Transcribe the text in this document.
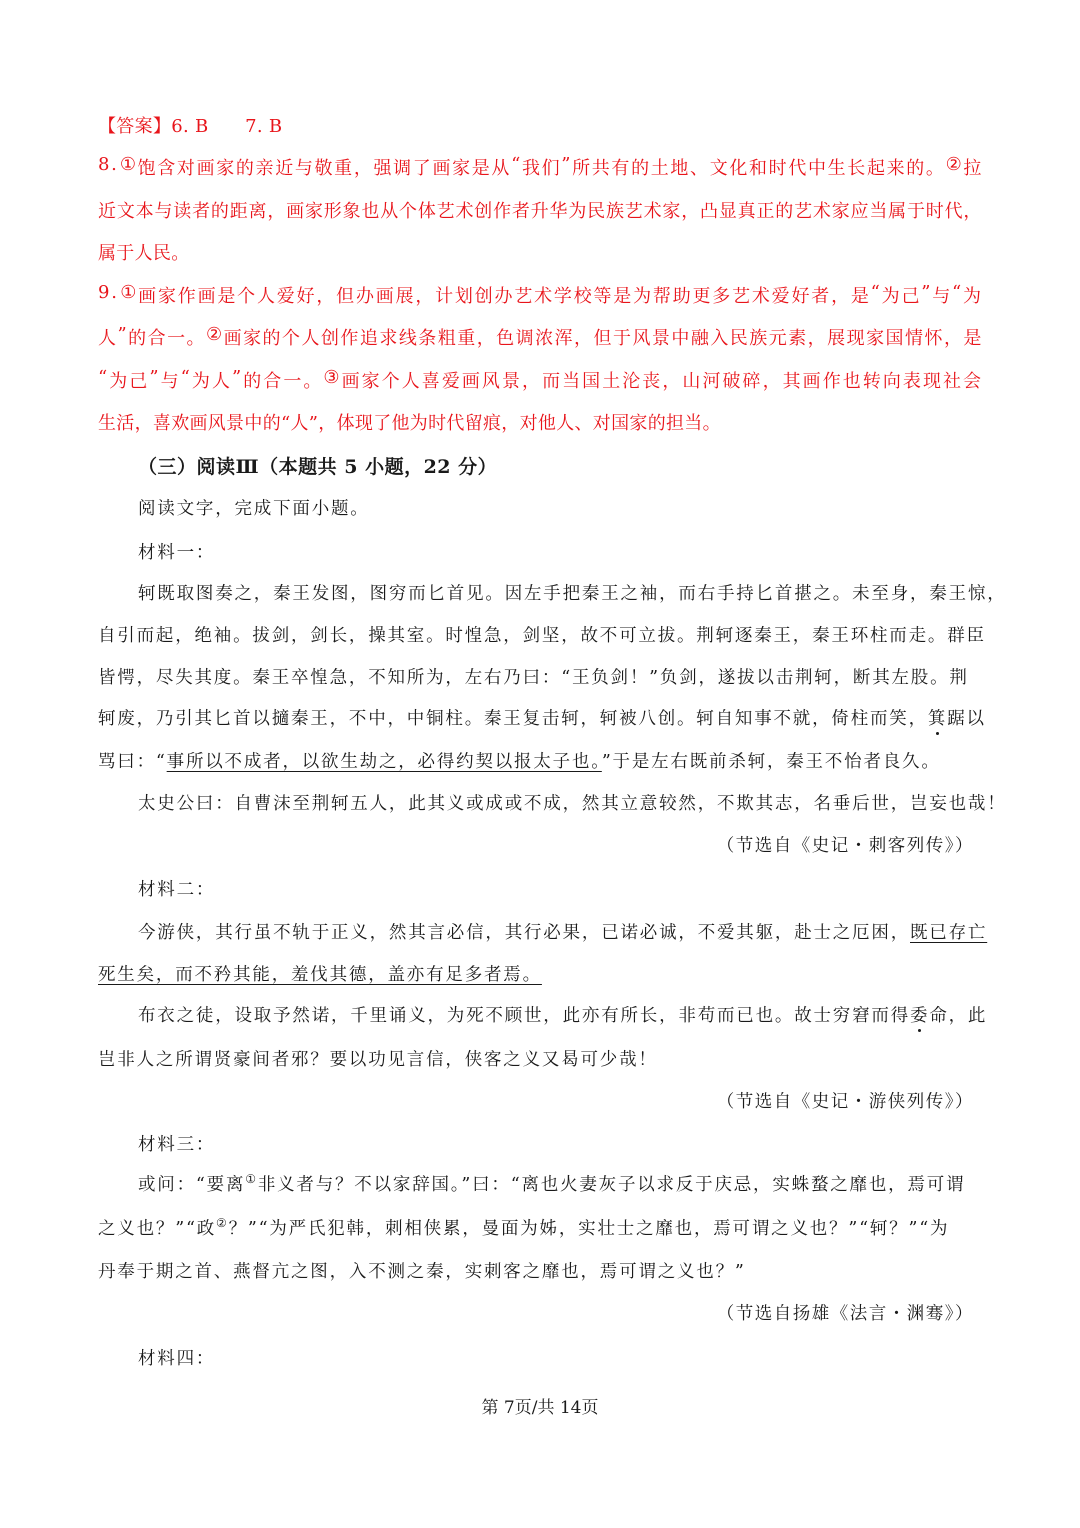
【答案】6. B　　7. B
8 . ① 饱 含 对 画 家 的 亲 近 与 敬 重 ， 强 调 了 画 家 是 从 “ 我 们 ” 所 共 有 的 土 地 、 文 化 和 时 代 中 生 长 起 来 的 。 ② 拉
近 文 本 与 读 者 的 距 离 ， 画 家 形 象 也 从 个 体 艺 术 创 作 者 升 华 为 民 族 艺 术 家 ， 凸 显 真 正 的 艺 术 家 应 当 属 于 时 代 ，
属于人民。
9 . ① 画 家 作 画 是 个 人 爱 好 ， 但 办 画 展 ， 计 划 创 办 艺 术 学 校 等 是 为 帮 助 更 多 艺 术 爱 好 者 ， 是 “ 为 己 ” 与 “ 为
人 ” 的 合 一 。 ② 画 家 的 个 人 创 作 追 求 线 条 粗 重 ， 色 调 浓 浑 ， 但 于 风 景 中 融 入 民 族 元 素 ， 展 现 家 国 情 怀 ， 是
“ 为 己 ” 与 “ 为 人 ” 的 合 一 。 ③ 画 家 个 人 喜 爱 画 风 景 ， 而 当 国 土 沦 丧 ， 山 河 破 碎 ， 其 画 作 也 转 向 表 现 社 会
生活，喜欢画风景中的“人”，体现了他为时代留痕，对他人、对国家的担当。
（三）阅读Ⅲ（本题共 5 小题，22 分）
阅读文字，完成下面小题。
材料一：
轲既取图奏之，秦王发图，图穷而匕首见。因左手把秦王之袖，而右手持匕首揕之。未至身，秦王惊，
自引而起，绝袖。拔剑，剑长，操其室。时惶急，剑坚，故不可立拔。荆轲逐秦王，秦王环柱而走。群臣
皆愕，尽失其度。秦王卒惶急，不知所为，左右乃曰：“王负剑！”负剑，遂拔以击荆轲，断其左股。荆
轲废，乃引其匕首以擿秦王，不中，中铜柱。秦王复击轲，轲被八创。轲自知事不就，倚柱而笑，箕踞以
骂曰：“事所以不成者，以欲生劫之，必得约契以报太子也。”于是左右既前杀轲，秦王不怡者良久。
太史公曰：自曹沫至荆轲五人，此其义或成或不成，然其立意较然，不欺其志，名垂后世，岂妄也哉！
（节选自《史记・刺客列传》）
材料二：
今游侠，其行虽不轨于正义，然其言必信，其行必果，已诺必诚，不爱其躯，赴士之厄困，既已存亡
死生矣，而不矜其能，羞伐其德，盖亦有足多者焉。
布衣之徒，设取予然诺，千里诵义，为死不顾世，此亦有所长，非苟而已也。故士穷窘而得委命，此
岂非人之所谓贤豪间者邪？要以功见言信，侠客之义又曷可少哉！
（节选自《史记・游侠列传》）
材料三：
或问：“要离①非义者与？不以家辞国。”曰：“离也火妻灰子以求反于庆忌，实蛛蝥之靡也，焉可谓
之义也？”“政②？”“为严氏犯韩，刺相侠累，曼面为姊，实壮士之靡也，焉可谓之义也？”“轲？”“为
丹奉于期之首、燕督亢之图，入不测之秦，实刺客之靡也，焉可谓之义也？”
（节选自扬雄《法言・渊骞》）
材料四：
第 7页/共 14页
